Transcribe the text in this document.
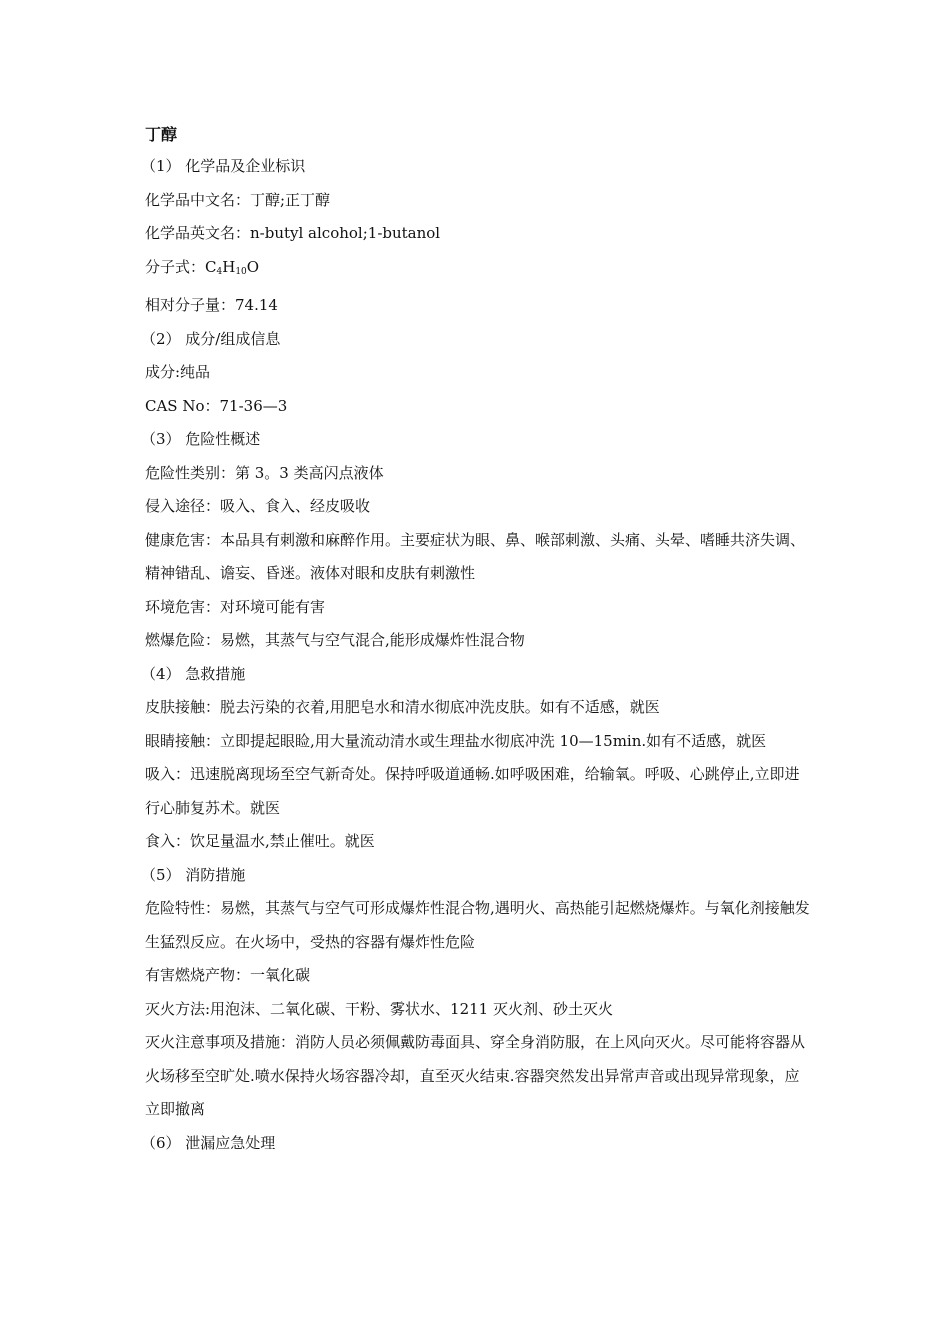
丁醇
（1） 化学品及企业标识
化学品中文名：丁醇;正丁醇
化学品英文名：n-butyl alcohol;1-butanol
分子式：$C_4H_{10}O$
相对分子量：74.14
（2） 成分/组成信息
成分:纯品
CAS No：71-36—3
（3） 危险性概述
危险性类别：第 3。3 类高闪点液体
侵入途径：吸入、食入、经皮吸收
健康危害：本品具有刺激和麻醉作用。主要症状为眼、鼻、喉部刺激、头痛、头晕、嗜睡共济失调、精神错乱、谵妄、昏迷。液体对眼和皮肤有刺激性
环境危害：对环境可能有害
燃爆危险：易燃，其蒸气与空气混合,能形成爆炸性混合物
（4） 急救措施
皮肤接触：脱去污染的衣着,用肥皂水和清水彻底冲洗皮肤。如有不适感，就医
眼睛接触：立即提起眼睑,用大量流动清水或生理盐水彻底冲洗 10—15min.如有不适感，就医
吸入：迅速脱离现场至空气新奇处。保持呼吸道通畅.如呼吸困难，给输氧。呼吸、心跳停止,立即进行心肺复苏术。就医
食入：饮足量温水,禁止催吐。就医
（5） 消防措施
危险特性：易燃，其蒸气与空气可形成爆炸性混合物,遇明火、高热能引起燃烧爆炸。与氧化剂接触发生猛烈反应。在火场中，受热的容器有爆炸性危险
有害燃烧产物：一氧化碳
灭火方法:用泡沫、二氧化碳、干粉、雾状水、1211 灭火剂、砂土灭火
灭火注意事项及措施：消防人员必须佩戴防毒面具、穿全身消防服，在上风向灭火。尽可能将容器从火场移至空旷处.喷水保持火场容器冷却，直至灭火结束.容器突然发出异常声音或出现异常现象，应立即撤离
（6） 泄漏应急处理
